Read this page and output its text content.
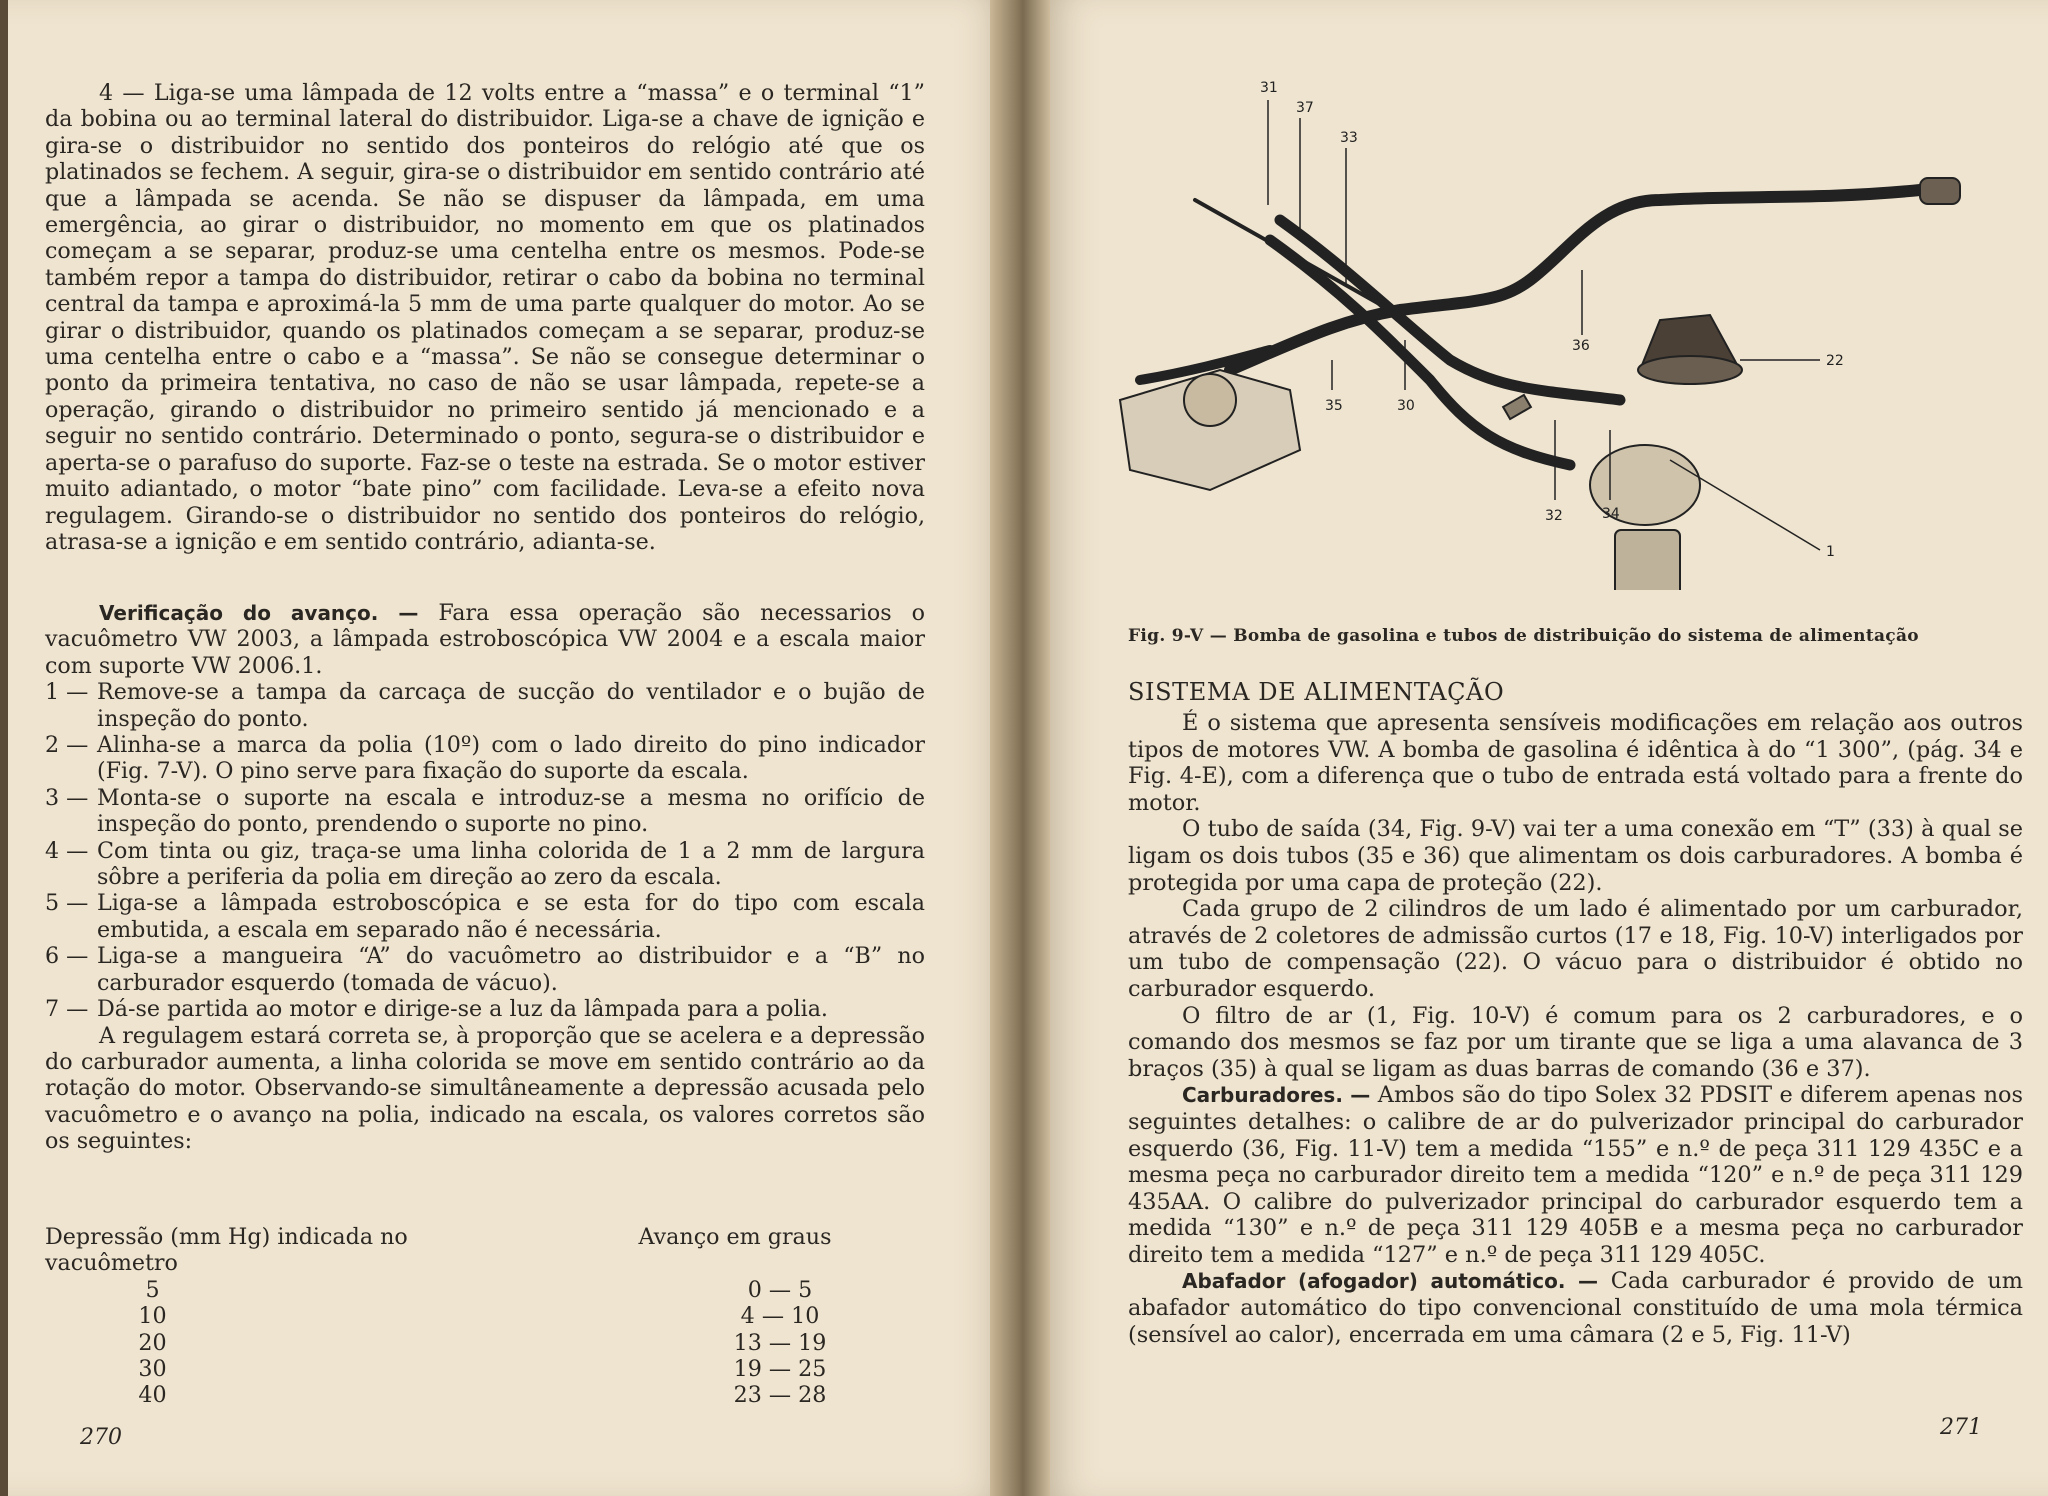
4 — Liga-se uma lâmpada de 12 volts entre a “massa” e o terminal “1” da bobina ou ao terminal lateral do distribuidor. Liga-se a chave de ignição e gira-se o distribuidor no sentido dos ponteiros do relógio até que os platinados se fechem. A seguir, gira-se o distribuidor em sentido contrário até que a lâmpada se acenda. Se não se dispuser da lâmpada, em uma emergência, ao girar o distribuidor, no momento em que os platinados começam a se separar, produz-se uma centelha entre os mesmos. Pode-se também repor a tampa do distribuidor, retirar o cabo da bobina no terminal central da tampa e aproximá-la 5 mm de uma parte qualquer do motor. Ao se girar o distribuidor, quando os platinados começam a se separar, produz-se uma centelha entre o cabo e a “massa”. Se não se consegue determinar o ponto da primeira tentativa, no caso de não se usar lâmpada, repete-se a operação, girando o distribuidor no primeiro sentido já mencionado e a seguir no sentido contrário. Determinado o ponto, segura-se o distribuidor e aperta-se o parafuso do suporte. Faz-se o teste na estrada. Se o motor estiver muito adiantado, o motor “bate pino” com facilidade. Leva-se a efeito nova regulagem. Girando-se o distribuidor no sentido dos ponteiros do relógio, atrasa-se a ignição e em sentido contrário, adianta-se.

Verificação do avanço. — Fara essa operação são necessarios o vacuômetro VW 2003, a lâmpada estroboscópica VW 2004 e a escala maior com suporte VW 2006.1.

1 — Remove-se a tampa da carcaça de sucção do ventilador e o bujão de inspeção do ponto.
2 — Alinha-se a marca da polia (10º) com o lado direito do pino indicador (Fig. 7-V). O pino serve para fixação do suporte da escala.
3 — Monta-se o suporte na escala e introduz-se a mesma no orifício de inspeção do ponto, prendendo o suporte no pino.
4 — Com tinta ou giz, traça-se uma linha colorida de 1 a 2 mm de largura sôbre a periferia da polia em direção ao zero da escala.
5 — Liga-se a lâmpada estroboscópica e se esta for do tipo com escala embutida, a escala em separado não é necessária.
6 — Liga-se a mangueira “A” do vacuômetro ao distribuidor e a “B” no carburador esquerdo (tomada de vácuo).
7 — Dá-se partida ao motor e dirige-se a luz da lâmpada para a polia.

A regulagem estará correta se, à proporção que se acelera e a depressão do carburador aumenta, a linha colorida se move em sentido contrário ao da rotação do motor. Observando-se simultâneamente a depressão acusada pelo vacuômetro e o avanço na polia, indicado na escala, os valores corretos são os seguintes:

Depressão (mm Hg) indicada no vacuômetro
Avanço em graus
5	0 — 5
10	4 — 10
20	13 — 19
30	19 — 25
40	23 — 28
270
31
37
33
36
22
35	30
32	34
1
Fig. 9-V — Bomba de gasolina e tubos de distribuição do sistema de alimentação
SISTEMA DE ALIMENTAÇÃO

É o sistema que apresenta sensíveis modificações em relação aos outros tipos de motores VW. A bomba de gasolina é idêntica à do “1 300”, (pág. 34 e Fig. 4-E), com a diferença que o tubo de entrada está voltado para a frente do motor.

O tubo de saída (34, Fig. 9-V) vai ter a uma conexão em “T” (33) à qual se ligam os dois tubos (35 e 36) que alimentam os dois carburadores. A bomba é protegida por uma capa de proteção (22).

Cada grupo de 2 cilindros de um lado é alimentado por um carburador, através de 2 coletores de admissão curtos (17 e 18, Fig. 10-V) interligados por um tubo de compensação (22). O vácuo para o distribuidor é obtido no carburador esquerdo.

O filtro de ar (1, Fig. 10-V) é comum para os 2 carburadores, e o comando dos mesmos se faz por um tirante que se liga a uma alavanca de 3 braços (35) à qual se ligam as duas barras de comando (36 e 37).

Carburadores. — Ambos são do tipo Solex 32 PDSIT e diferem apenas nos seguintes detalhes: o calibre de ar do pulverizador principal do carburador esquerdo (36, Fig. 11-V) tem a medida “155” e n.º de peça 311 129 435C e a mesma peça no carburador direito tem a medida “120” e n.º de peça 311 129 435AA. O calibre do pulverizador principal do carburador esquerdo tem a medida “130” e n.º de peça 311 129 405B e a mesma peça no carburador direito tem a medida “127” e n.º de peça 311 129 405C.

Abafador (afogador) automático. — Cada carburador é provido de um abafador automático do tipo convencional constituído de uma mola térmica (sensível ao calor), encerrada em uma câmara (2 e 5, Fig. 11-V)

271
